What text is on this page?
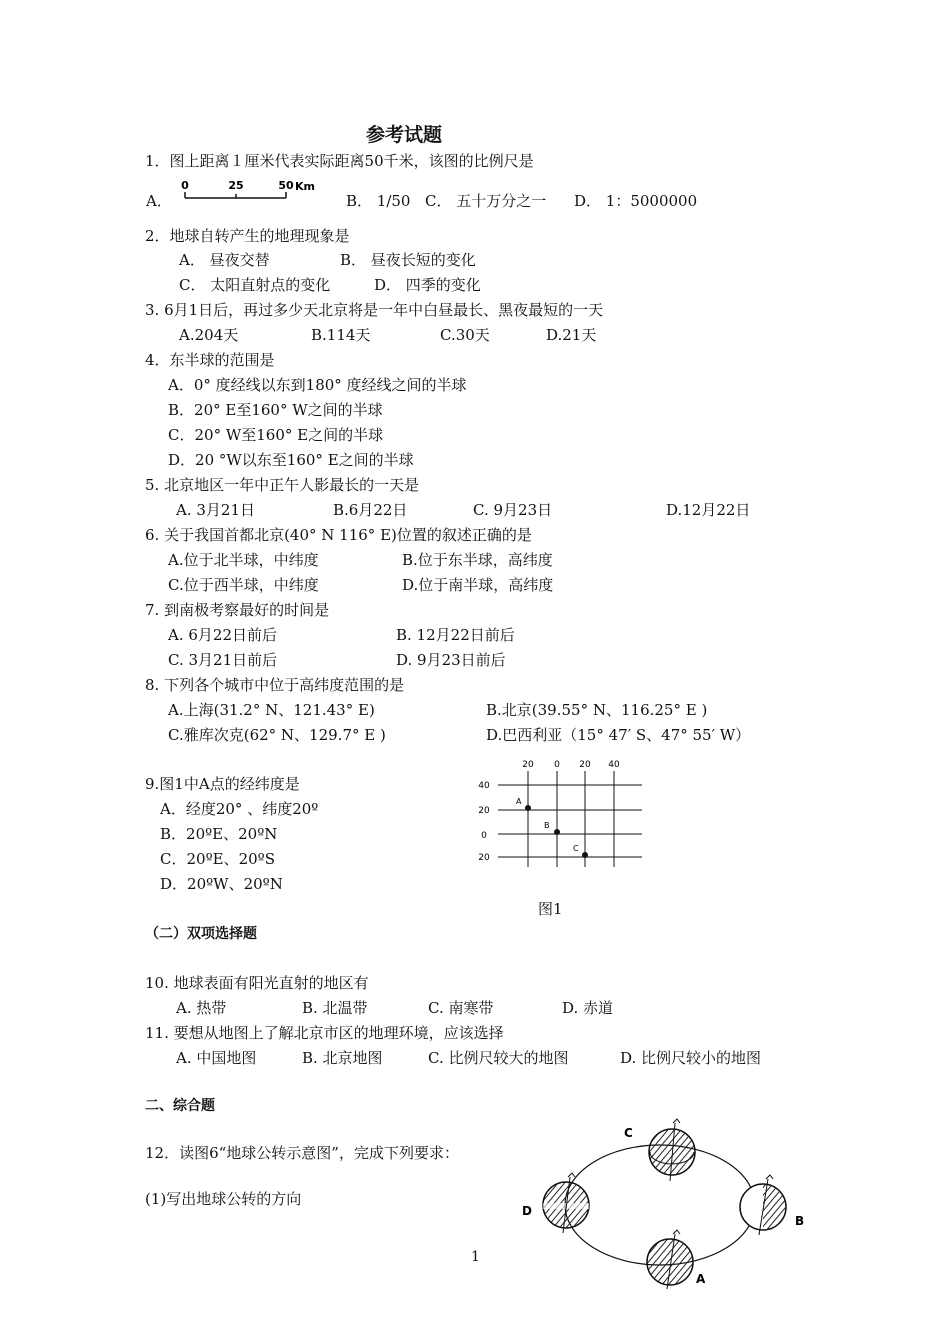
参考试题
1．图上距离１厘米代表实际距离50千米，该图的比例尺是
A．
0	25	50 Km
B． 1/50 C． 五十万分之一 D． 1：5000000
2．地球自转产生的地理现象是
A． 昼夜交替	B． 昼夜长短的变化
C． 太阳直射点的变化	D． 四季的变化
3. 6月1日后，再过多少天北京将是一年中白昼最长、黑夜最短的一天
A.204天	B.114天	C.30天	D.21天
4．东半球的范围是
A．0° 度经线以东到180° 度经线之间的半球
B．20° E至160° W之间的半球
C．20° W至160° E之间的半球
D．20 °W以东至160° E之间的半球
5. 北京地区一年中正午人影最长的一天是
A. 3月21日	B.6月22日	C. 9月23日	D.12月22日
6. 关于我国首都北京(40° N 116° E)位置的叙述正确的是
A.位于北半球，中纬度	B.位于东半球，高纬度
C.位于西半球，中纬度	D.位于南半球，高纬度
7. 到南极考察最好的时间是
A. 6月22日前后	B. 12月22日前后
C. 3月21日前后	D. 9月23日前后
8. 下列各个城市中位于高纬度范围的是
A.上海(31.2° N、121.43° E)	B.北京(39.55° N、116.25° E )
C.雅库次克(62° N、129.7° E )	D.巴西利亚（15° 47′ S、47° 55′ W）
9.图1中A点的经纬度是
A．经度20° 、纬度20º
B．20ºE、20ºN
C．20ºE、20ºS
D．20ºW、20ºN
20 0 20 40
40
20
0
20
A
B
C
图1
（二）双项选择题
10. 地球表面有阳光直射的地区有
A. 热带	B. 北温带	C. 南寒带	D. 赤道
11. 要想从地图上了解北京市区的地理环境，应该选择
A. 中国地图	B. 北京地图	C. 比例尺较大的地图	D. 比例尺较小的地图
二、综合题
12．读图6“地球公转示意图”，完成下列要求：
(1)写出地球公转的方向
C
D
B
A
1
